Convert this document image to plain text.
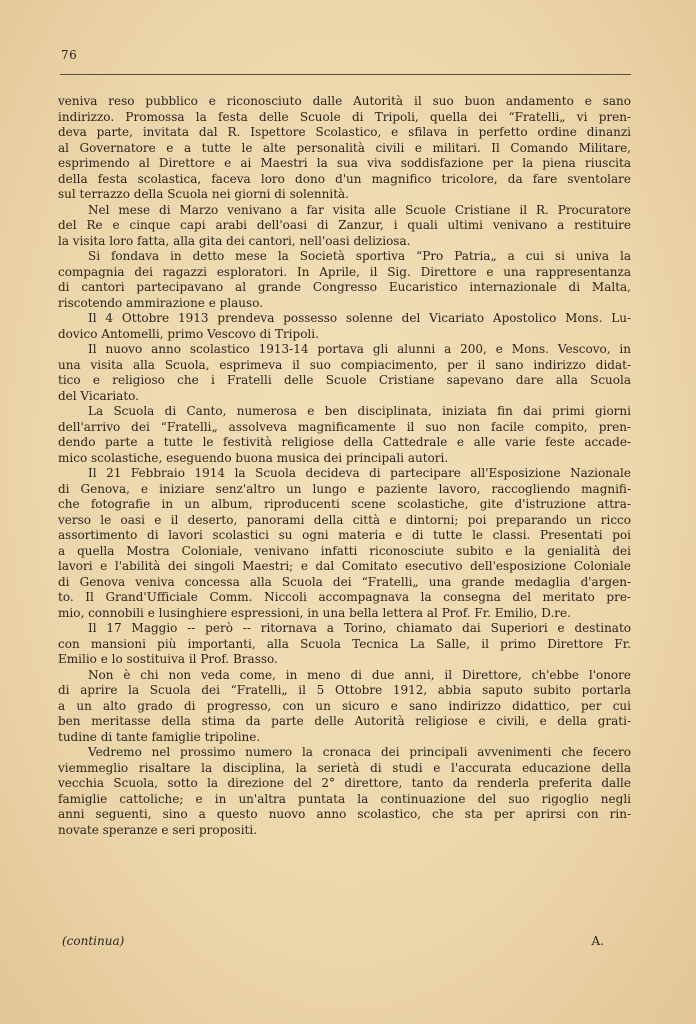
76
veniva reso pubblico e riconosciuto dalle Autorità il suo buon andamento e sano
indirizzo. Promossa la festa delle Scuole di Tripoli, quella dei “Fratelli„ vi pren-
deva parte, invitata dal R. Ispettore Scolastico, e sfilava in perfetto ordine dinanzi
al Governatore e a tutte le alte personalità civili e militari. Il Comando Militare,
esprimendo al Direttore e ai Maestri la sua viva soddisfazione per la piena riuscita
della festa scolastica, faceva loro dono d'un magnifico tricolore, da fare sventolare
sul terrazzo della Scuola nei giorni di solennità.
Nel mese di Marzo venivano a far visita alle Scuole Cristiane il R. Procuratore
del Re e cinque capi arabi dell'oasi di Zanzur, i quali ultimi venivano a restituire
la visita loro fatta, alla gita dei cantori, nell'oasi deliziosa.
Si fondava in detto mese la Società sportiva “Pro Patria„ a cui si univa la
compagnia dei ragazzi esploratori. In Aprile, il Sig. Direttore e una rappresentanza
di cantori partecipavano al grande Congresso Eucaristico internazionale di Malta,
riscotendo ammirazione e plauso.
Il 4 Ottobre 1913 prendeva possesso solenne del Vicariato Apostolico Mons. Lu-
dovico Antomelli, primo Vescovo di Tripoli.
Il nuovo anno scolastico 1913-14 portava gli alunni a 200, e Mons. Vescovo, in
una visita alla Scuola, esprimeva il suo compiacimento, per il sano indirizzo didat-
tico e religioso che i Fratelli delle Scuole Cristiane sapevano dare alla Scuola
del Vicariato.
La Scuola di Canto, numerosa e ben disciplinata, iniziata fin dai primi giorni
dell'arrivo dei “Fratelli„ assolveva magnificamente il suo non facile compito, pren-
dendo parte a tutte le festività religiose della Cattedrale e alle varie feste accade-
mico scolastiche, eseguendo buona musica dei principali autori.
Il 21 Febbraio 1914 la Scuola decideva di partecipare all'Esposizione Nazionale
di Genova, e iniziare senz'altro un lungo e paziente lavoro, raccogliendo magnifi-
che fotografie in un album, riproducenti scene scolastiche, gite d'istruzione attra-
verso le oasi e il deserto, panorami della città e dintorni; poi preparando un ricco
assortimento di lavori scolastici su ogni materia e di tutte le classi. Presentati poi
a quella Mostra Coloniale, venivano infatti riconosciute subito e la genialità dei
lavori e l'abilità dei singoli Maestri; e dal Comitato esecutivo dell'esposizione Coloniale
di Genova veniva concessa alla Scuola dei “Fratelli„ una grande medaglia d'argen-
to. Il Grand'Ufficiale Comm. Niccoli accompagnava la consegna del meritato pre-
mio, connobili e lusinghiere espressioni, in una bella lettera al Prof. Fr. Emilio, D.re.
Il 17 Maggio -- però -- ritornava a Torino, chiamato dai Superiori e destinato
con mansioni più importanti, alla Scuola Tecnica La Salle, il primo Direttore Fr.
Emilio e lo sostituiva il Prof. Brasso.
Non è chi non veda come, in meno di due anni, il Direttore, ch'ebbe l'onore
di aprire la Scuola dei “Fratelli„ il 5 Ottobre 1912, abbia saputo subito portarla
a un alto grado di progresso, con un sicuro e sano indirizzo didattico, per cui
ben meritasse della stima da parte delle Autorità religiose e civili, e della grati-
tudine di tante famiglie tripoline.
Vedremo nel prossimo numero la cronaca dei principali avvenimenti che fecero
viemmeglio risaltare la disciplina, la serietà di studi e l'accurata educazione della
vecchia Scuola, sotto la direzione del 2° direttore, tanto da renderla preferita dalle
famiglie cattoliche; e in un'altra puntata la continuazione del suo rigoglio negli
anni seguenti, sino a questo nuovo anno scolastico, che sta per aprirsi con rin-
novate speranze e seri propositi.
(continua)	A.
